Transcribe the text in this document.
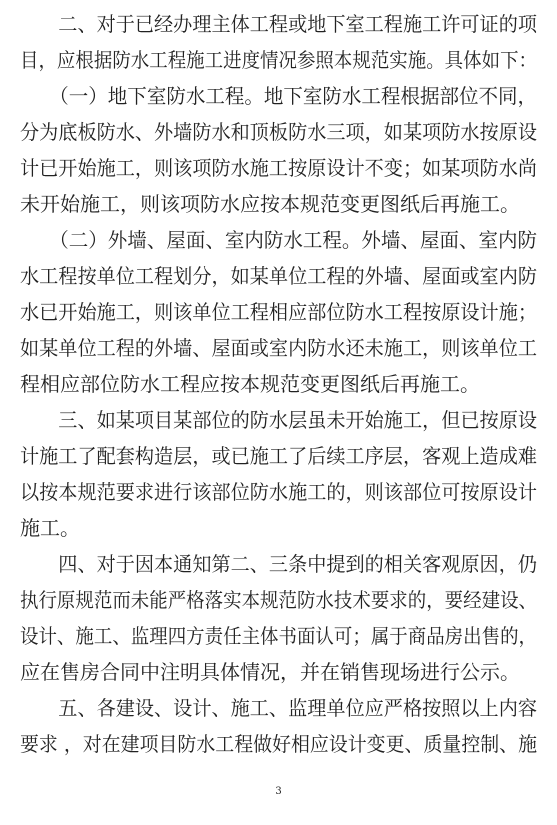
　　二、对于已经办理主体工程或地下室工程施工许可证的项
目，应根据防水工程施工进度情况参照本规范实施。具体如下：
　　（一）地下室防水工程。地下室防水工程根据部位不同，
分为底板防水、外墙防水和顶板防水三项，如某项防水按原设
计已开始施工，则该项防水施工按原设计不变；如某项防水尚
未开始施工，则该项防水应按本规范变更图纸后再施工。
　　（二）外墙、屋面、室内防水工程。外墙、屋面、室内防
水工程按单位工程划分，如某单位工程的外墙、屋面或室内防
水已开始施工，则该单位工程相应部位防水工程按原设计施；
如某单位工程的外墙、屋面或室内防水还未施工，则该单位工
程相应部位防水工程应按本规范变更图纸后再施工。
　　三、如某项目某部位的防水层虽未开始施工，但已按原设
计施工了配套构造层，或已施工了后续工序层，客观上造成难
以按本规范要求进行该部位防水施工的，则该部位可按原设计
施工。
　　四、对于因本通知第二、三条中提到的相关客观原因，仍
执行原规范而未能严格落实本规范防水技术要求的，要经建设、
设计、施工、监理四方责任主体书面认可；属于商品房出售的，
应在售房合同中注明具体情况，并在销售现场进行公示。
　　五、各建设、设计、施工、监理单位应严格按照以上内容
要求 ，对在建项目防水工程做好相应设计变更、质量控制、施
3
